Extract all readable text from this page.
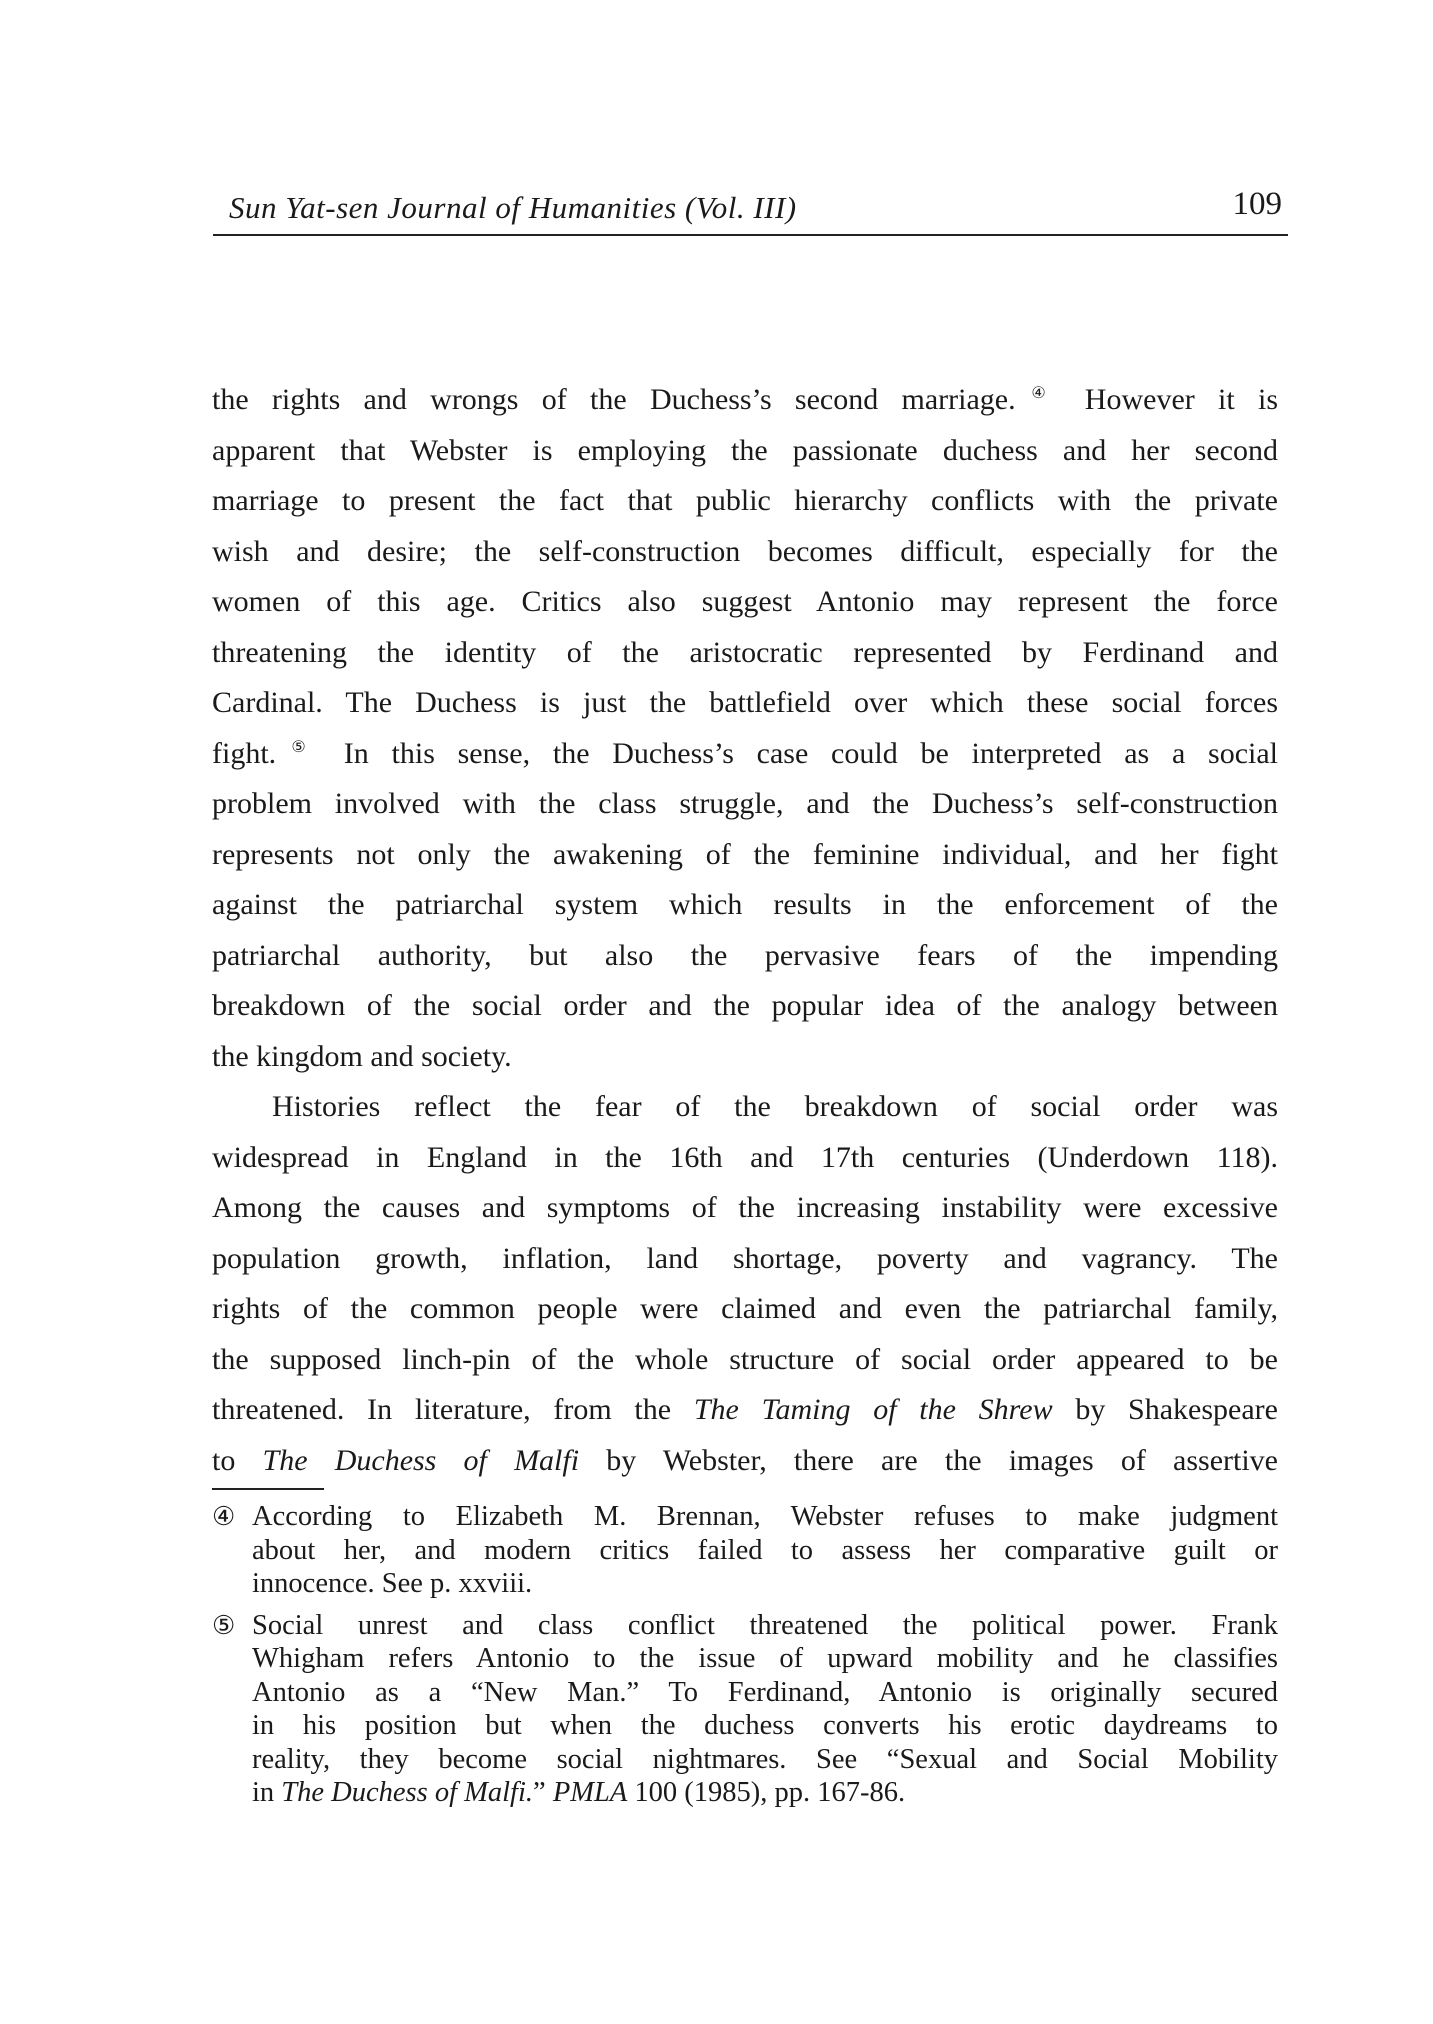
Sun Yat-sen Journal of Humanities (Vol. III)	109

the rights and wrongs of the Duchess’s second marriage.④ However it is
apparent that Webster is employing the passionate duchess and her second
marriage to present the fact that public hierarchy conflicts with the private
wish and desire; the self-construction becomes difficult, especially for the
women of this age. Critics also suggest Antonio may represent the force
threatening the identity of the aristocratic represented by Ferdinand and
Cardinal. The Duchess is just the battlefield over which these social forces
fight.⑤ In this sense, the Duchess’s case could be interpreted as a social
problem involved with the class struggle, and the Duchess’s self-construction
represents not only the awakening of the feminine individual, and her fight
against the patriarchal system which results in the enforcement of the
patriarchal authority, but also the pervasive fears of the impending
breakdown of the social order and the popular idea of the analogy between
the kingdom and society.

Histories reflect the fear of the breakdown of social order was
widespread in England in the 16th and 17th centuries (Underdown 118).
Among the causes and symptoms of the increasing instability were excessive
population growth, inflation, land shortage, poverty and vagrancy. The
rights of the common people were claimed and even the patriarchal family,
the supposed linch-pin of the whole structure of social order appeared to be
threatened. In literature, from the The Taming of the Shrew by Shakespeare
to The Duchess of Malfi by Webster, there are the images of assertive

④ According to Elizabeth M. Brennan, Webster refuses to make judgment
about her, and modern critics failed to assess her comparative guilt or
innocence. See p. xxviii.
⑤ Social unrest and class conflict threatened the political power. Frank
Whigham refers Antonio to the issue of upward mobility and he classifies
Antonio as a “New Man.” To Ferdinand, Antonio is originally secured
in his position but when the duchess converts his erotic daydreams to
reality, they become social nightmares. See “Sexual and Social Mobility
in The Duchess of Malfi.” PMLA 100 (1985), pp. 167-86.
